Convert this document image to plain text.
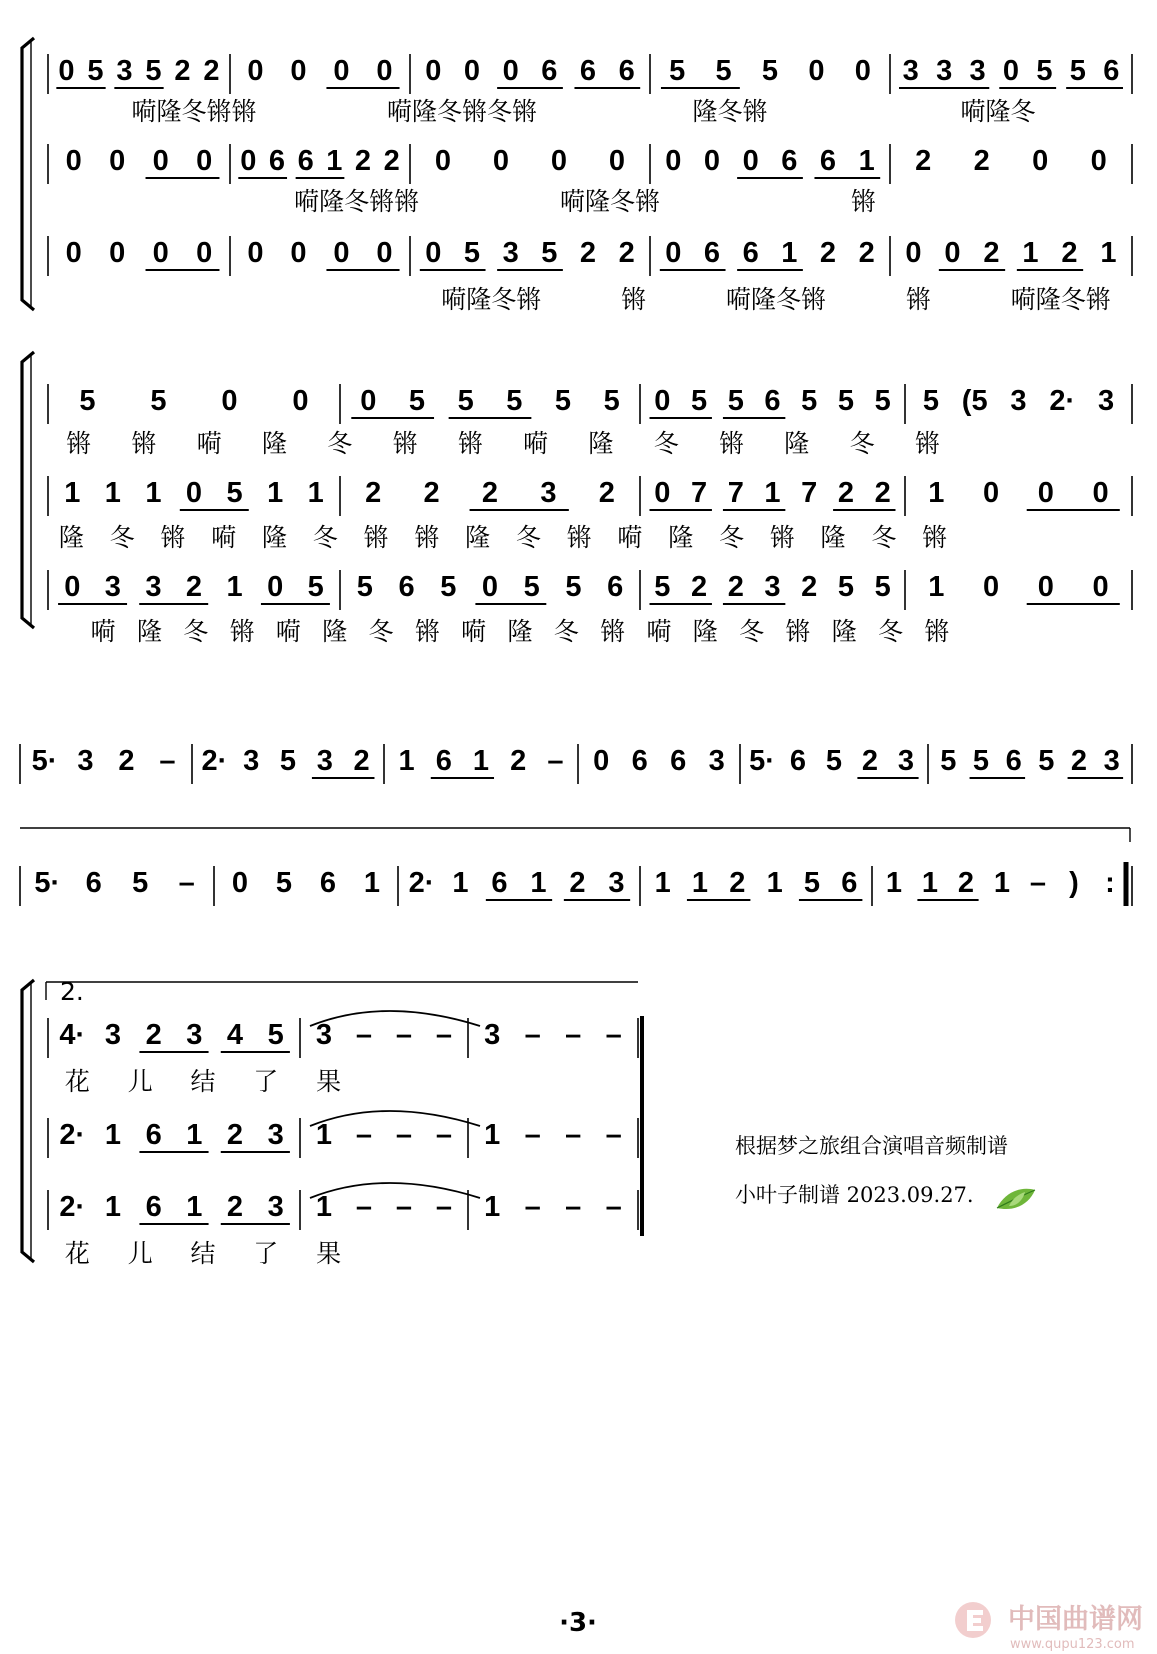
0 5 3 5 2 2 0 0 0 0 0 0 0 6 6 6 5 5 5 0 0 3 3 3 0 5 5 6
嗬隆冬锵锵	嗬隆冬锵冬锵	隆冬锵	嗬隆冬
0 0 0 0 0 6 6 1 2 2 0 0 0 0 0 0 0 6 6 1 2 2 0 0
嗬隆冬锵锵	嗬隆冬锵	锵
0 0 0 0 0 0 0 0 0 5 3 5 2 2 0 6 6 1 2 2 0 0 2 1 2 1
嗬隆冬锵	锵	嗬隆冬锵	锵	嗬隆冬锵
5 5 0 0 0 5 5 5 5 5 0 5 5 6 5 5 5 5 (5 3 2· 3
锵 锵 嗬 隆 冬 锵 锵 嗬 隆 冬 锵 隆 冬 锵
1 1 1 0 5 1 1 2 2 2 3 2 0 7 7 1 7 2 2 1 0 0 0
隆 冬 锵 嗬 隆 冬 锵 锵 隆 冬 锵 嗬 隆 冬 锵 隆 冬 锵
0 3 3 2 1 0 5 5 6 5 0 5 5 6 5 2 2 3 2 5 5 1 0 0 0
嗬 隆 冬 锵 嗬 隆 冬 锵 嗬 隆 冬 锵 嗬 隆 冬 锵 隆 冬 锵
5· 3 2 – 2· 3 5 3 2 1 6 1 2 – 0 6 6 3 5· 6 5 2 3 5 5 6 5 2 3
5· 6 5 – 0 5 6 1 2· 1 6 1 2 3 1 1 2 1 5 6 1 1 2 1 – ) :
2.
4· 3 2 3 4 5 3 – – – 3 – – –
花 儿 结 了 果
2· 1 6 1 2 3 1 – – – 1 – – –
2· 1 6 1 2 3 1 – – – 1 – – –
花 儿 结 了 果
根据梦之旅组合演唱音频制谱
小叶子制谱 2023.09.27.
·3·	中国曲谱网
www.qupu123.com
